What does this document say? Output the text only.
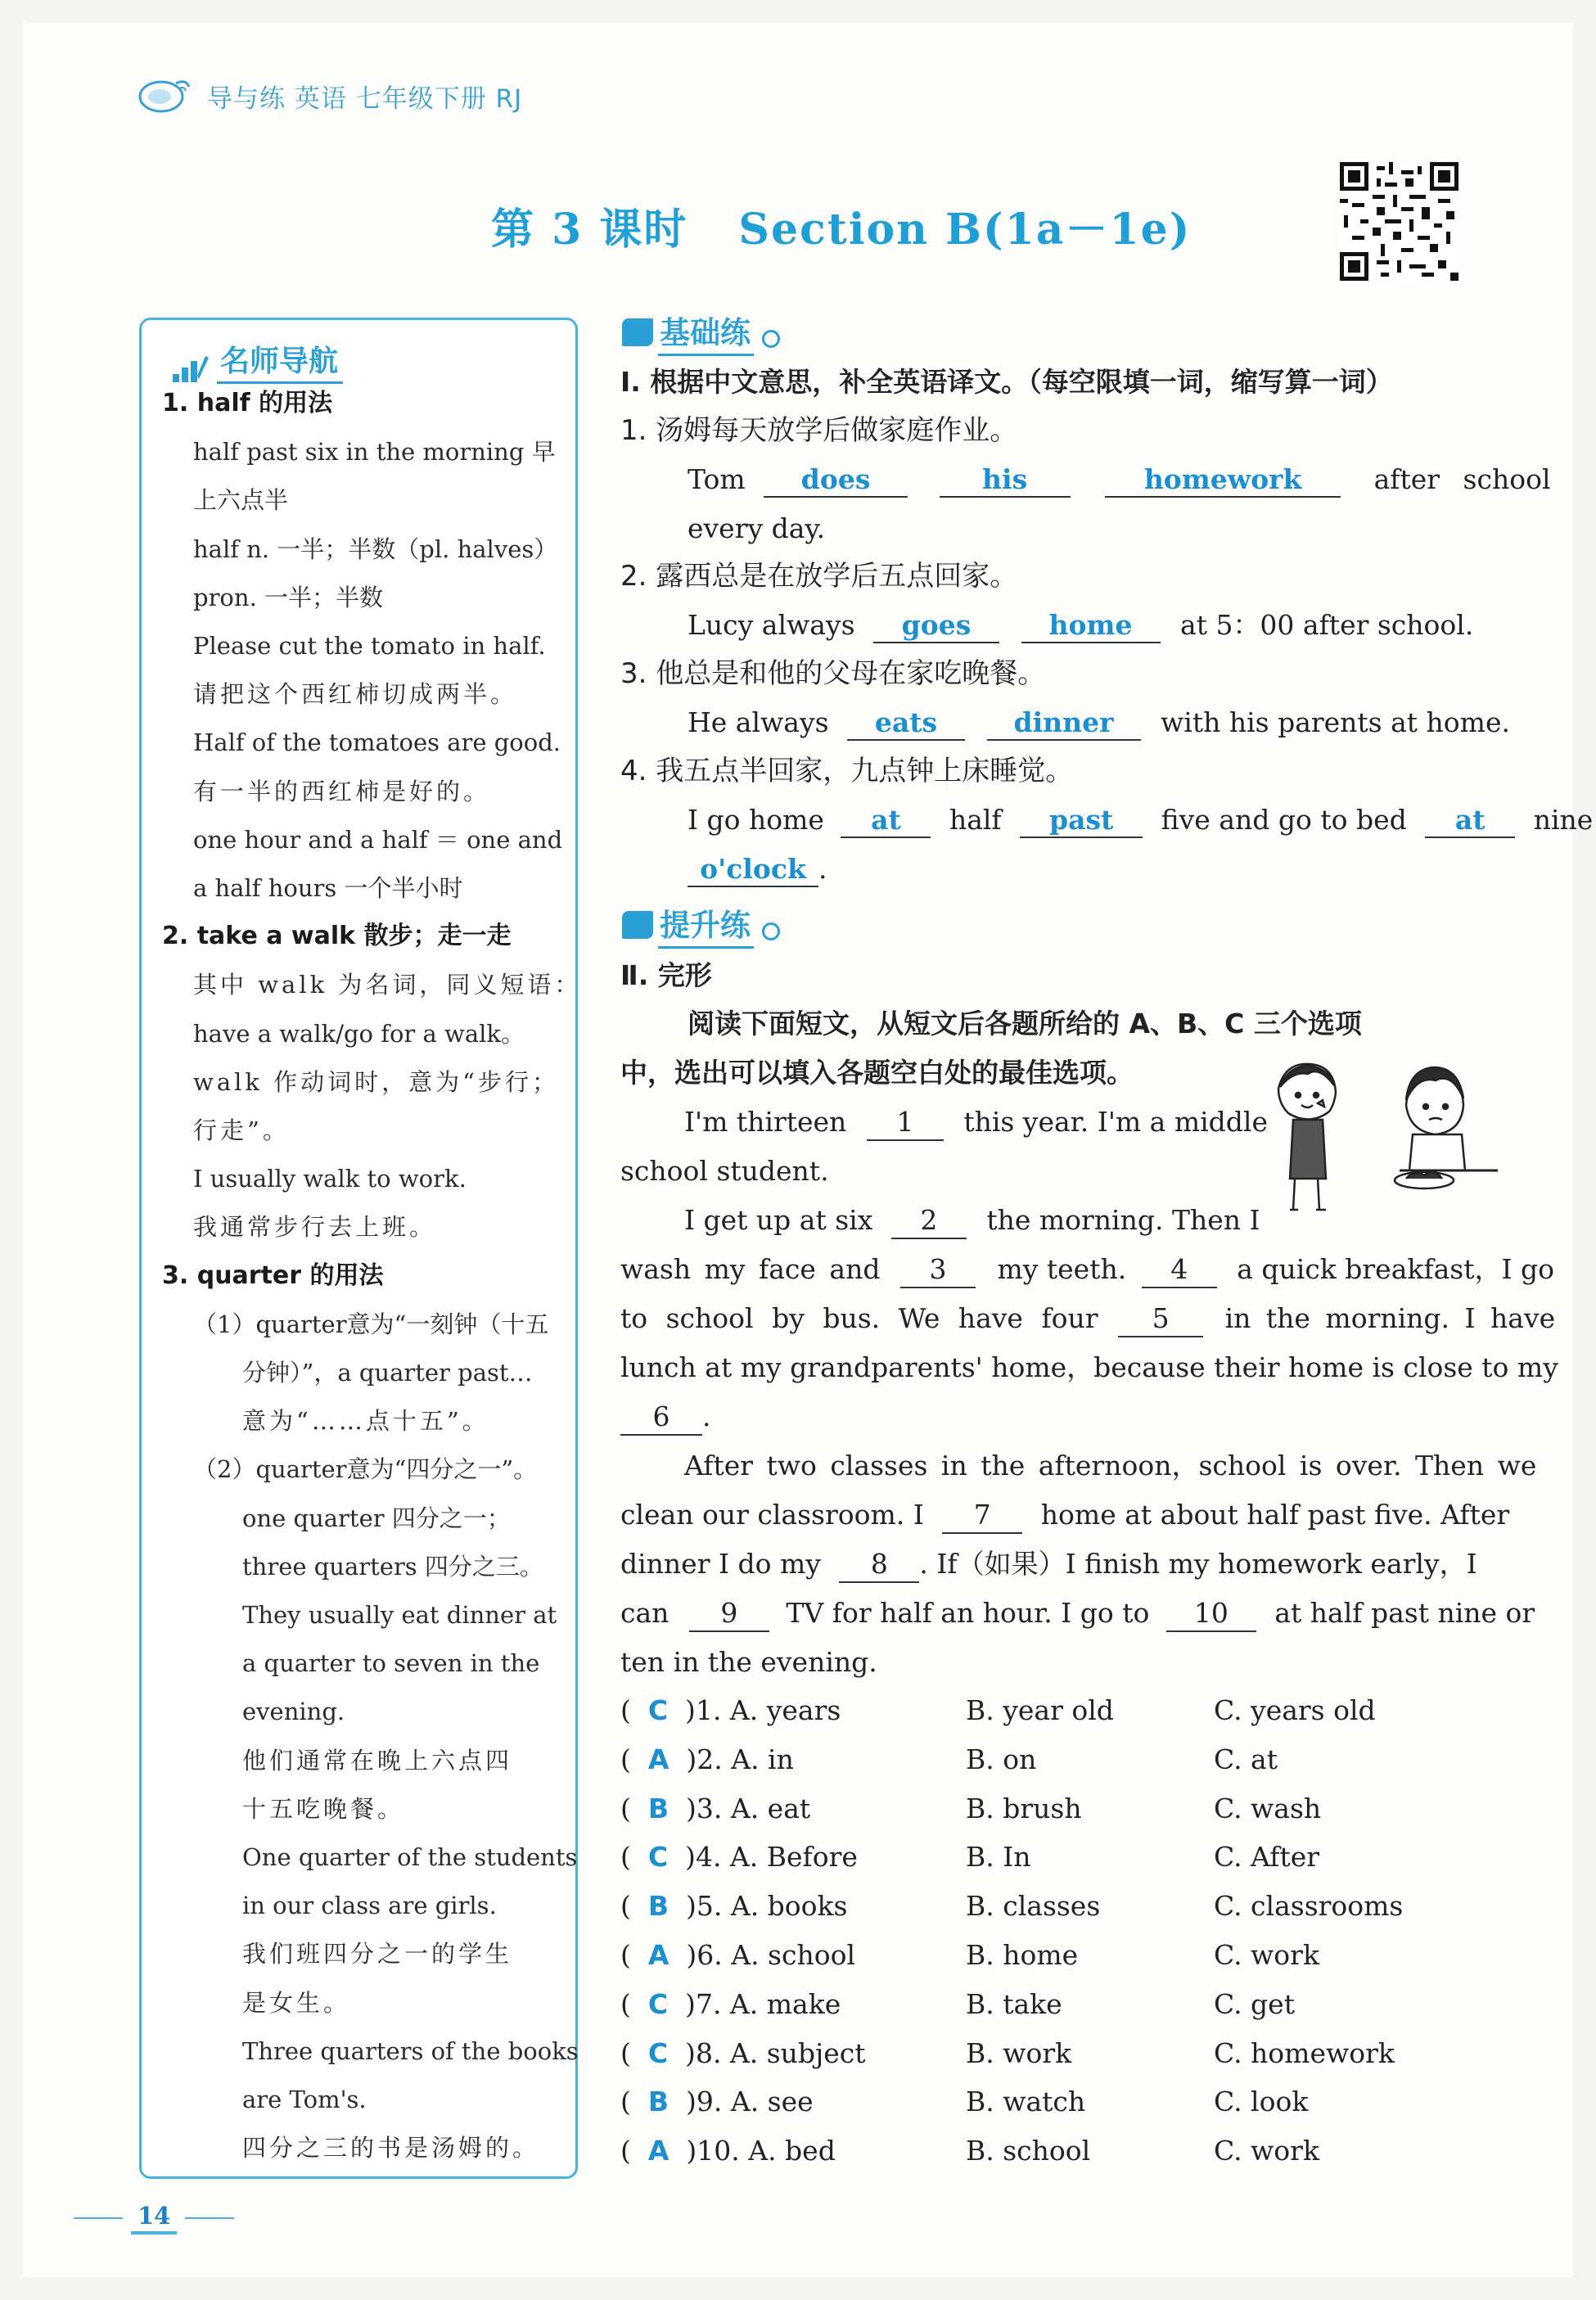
导与练 英语 七年级下册 RJ
第 3 课时 Section B(1a－1e)
名师导航
1. half 的用法
half past six in the morning 早
上六点半
half n. 一半；半数（pl. halves）
pron. 一半；半数
Please cut the tomato in half.
请把这个西红柿切成两半。
Half of the tomatoes are good.
有一半的西红柿是好的。
one hour and a half ＝ one and
a half hours 一个半小时
2. take a walk 散步；走一走
其中 walk 为名词，同义短语：
have a walk/go for a walk。
walk 作动词时，意为“步行；
行走”。
I usually walk to work.
我通常步行去上班。
3. quarter 的用法
（1）quarter意为“一刻钟（十五
分钟）”，a quarter past…
意为“……点十五”。
（2）quarter意为“四分之一”。
one quarter 四分之一；
three quarters 四分之三。
They usually eat dinner at
a quarter to seven in the
evening.
他们通常在晚上六点四
十五吃晚餐。
One quarter of the students
in our class are girls.
我们班四分之一的学生
是女生。
Three quarters of the books
are Tom's.
四分之三的书是汤姆的。
基础练
Ⅰ. 根据中文意思，补全英语译文。（每空限填一词，缩写算一词）
1. 汤姆每天放学后做家庭作业。
Tom does	his	homework	after school
every day.
2. 露西总是在放学后五点回家。
Lucy always goes	home at 5：00 after school.
3. 他总是和他的父母在家吃晚餐。
He always eats	dinner with his parents at home.
4. 我五点半回家，九点钟上床睡觉。
I go home at half past five and go to bed at nine
o'clock .
提升练
Ⅱ. 完形
阅读下面短文，从短文后各题所给的 A、B、C 三个选项
中，选出可以填入各题空白处的最佳选项。
I'm thirteen 1 this year. I'm a middle
school student.
I get up at six 2 the morning. Then I
wash my face and 3 my teeth. 4 a quick breakfast，I go
to school by bus. We have four 5 in the morning. I have
lunch at my grandparents' home，because their home is close to my
6 .
After two classes in the afternoon，school is over. Then we
clean our classroom. I 7 home at about half past five. After
dinner I do my 8 . If（如果）I finish my homework early，I
can 9 TV for half an hour. I go to 10 at half past nine or
ten in the evening.
(  C  )1. A. years	B. year old	C. years old
(  A  )2. A. in	B. on	C. at
(  B  )3. A. eat	B. brush	C. wash
(  C  )4. A. Before	B. In	C. After
(  B  )5. A. books	B. classes	C. classrooms
(  A  )6. A. school	B. home	C. work
(  C  )7. A. make	B. take	C. get
(  C  )8. A. subject	B. work	C. homework
(  B  )9. A. see	B. watch	C. look
(  A  )10. A. bed	B. school	C. work
14
